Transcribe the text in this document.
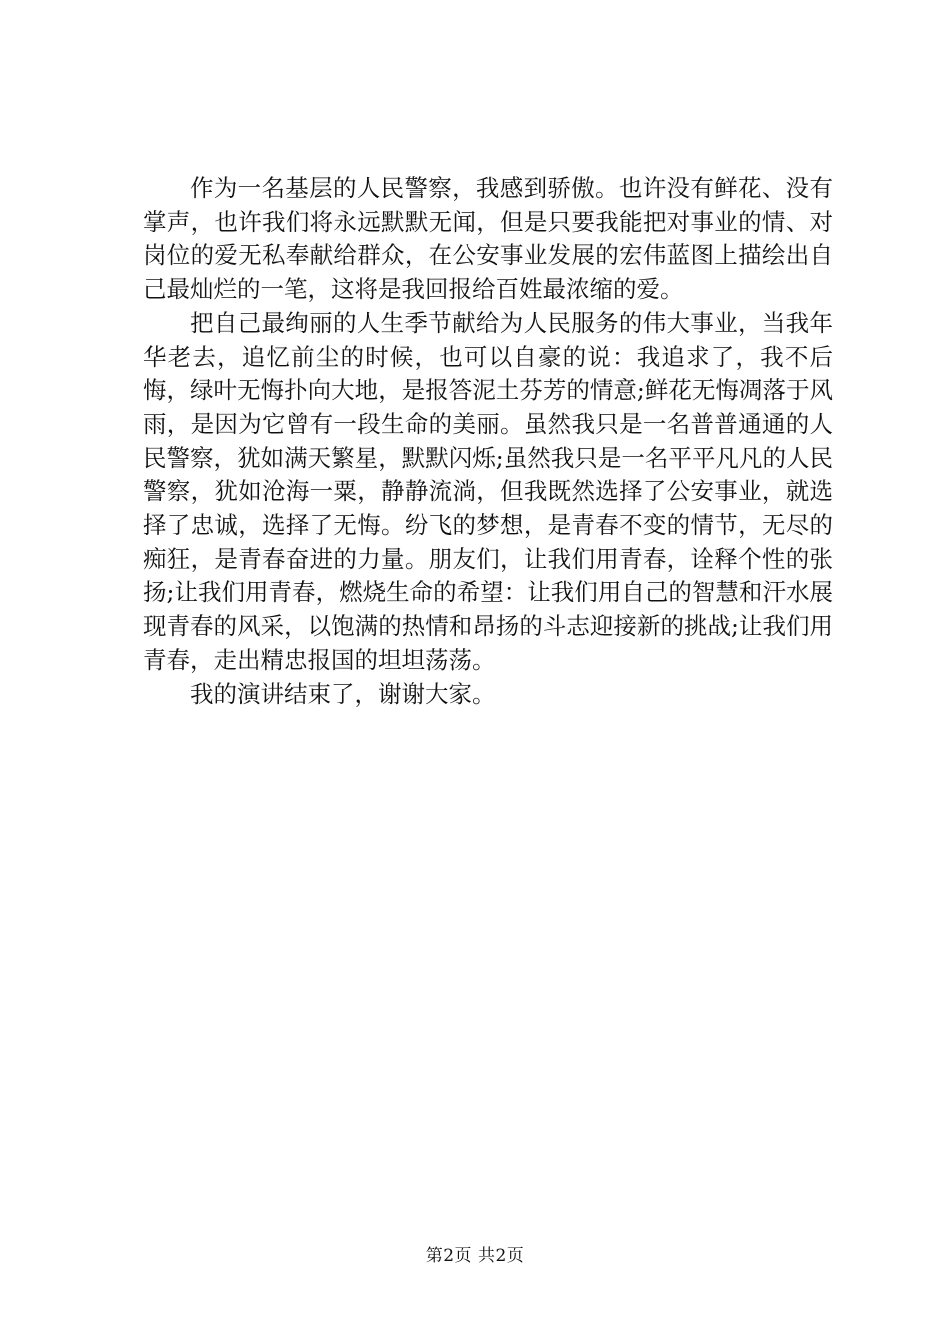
作为一名基层的人民警察，我感到骄傲。也许没有鲜花、没有掌声，也许我们将永远默默无闻，但是只要我能把对事业的情、对岗位的爱无私奉献给群众，在公安事业发展的宏伟蓝图上描绘出自己最灿烂的一笔，这将是我回报给百姓最浓缩的爱。

把自己最绚丽的人生季节献给为人民服务的伟大事业，当我年华老去，追忆前尘的时候，也可以自豪的说：我追求了，我不后悔，绿叶无悔扑向大地，是报答泥土芬芳的情意;鲜花无悔凋落于风雨，是因为它曾有一段生命的美丽。虽然我只是一名普普通通的人民警察，犹如满天繁星，默默闪烁;虽然我只是一名平平凡凡的人民警察，犹如沧海一粟，静静流淌，但我既然选择了公安事业，就选择了忠诚，选择了无悔。纷飞的梦想，是青春不变的情节，无尽的痴狂，是青春奋进的力量。朋友们，让我们用青春，诠释个性的张扬;让我们用青春，燃烧生命的希望：让我们用自己的智慧和汗水展现青春的风采，以饱满的热情和昂扬的斗志迎接新的挑战;让我们用青春，走出精忠报国的坦坦荡荡。

我的演讲结束了，谢谢大家。

第2页 共2页
